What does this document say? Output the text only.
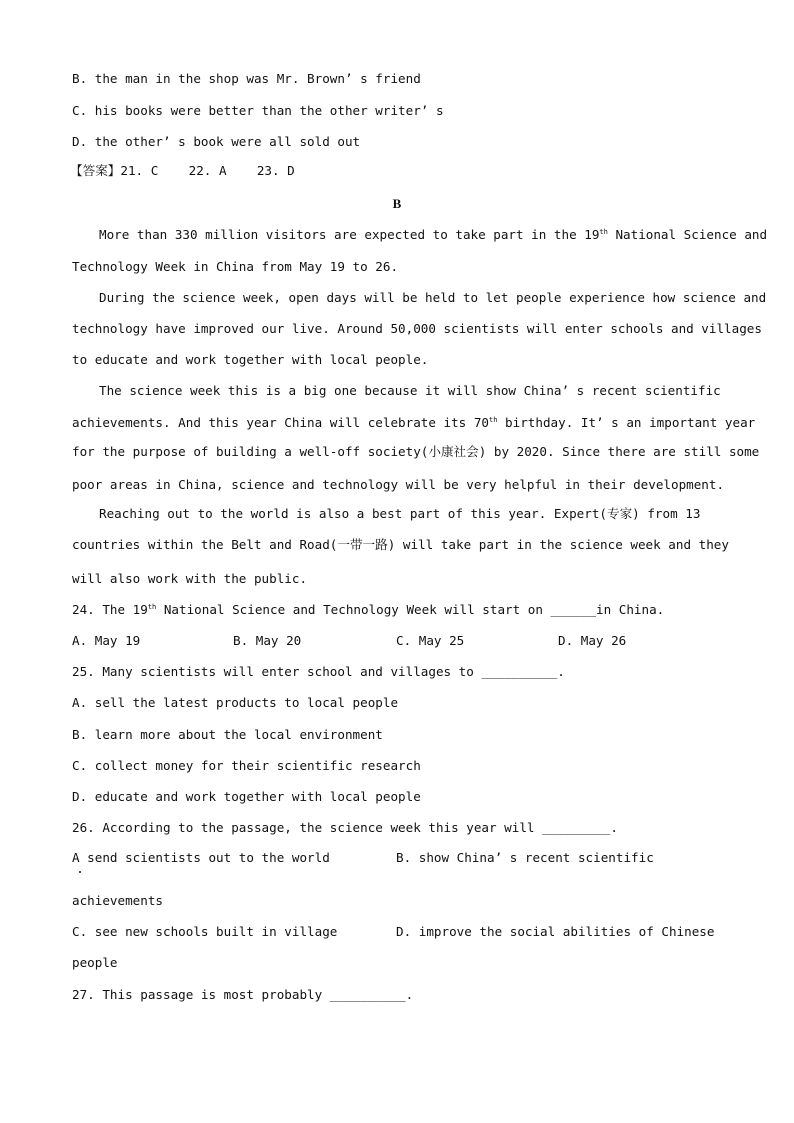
B. the man in the shop was Mr. Brown’ s friend
C. his books were better than the other writer’ s
D. the other’ s book were all sold out
【答案】21. C    22. A    23. D
B
More than 330 million visitors are expected to take part in the 19th National Science and
Technology Week in China from May 19 to 26.
During the science week, open days will be held to let people experience how science and
technology have improved our live. Around 50,000 scientists will enter schools and villages
to educate and work together with local people.
The science week this is a big one because it will show China’ s recent scientific
achievements. And this year China will celebrate its 70th birthday. It’ s an important year
for the purpose of building a well-off society(小康社会) by 2020. Since there are still some
poor areas in China, science and technology will be very helpful in their development.
Reaching out to the world is also a best part of this year. Expert(专家) from 13
countries within the Belt and Road(一带一路) will take part in the science week and they
will also work with the public.
24. The 19th National Science and Technology Week will start on ______in China.
A. May 19	B. May 20	C. May 25	D. May 26
25. Many scientists will enter school and villages to __________.
A. sell the latest products to local people
B. learn more about the local environment
C. collect money for their scientific research
D. educate and work together with local people
26. According to the passage, the science week this year will _________.
A send scientists out to the world	B. show China’ s recent scientific
achievements
C. see new schools built in village	D. improve the social abilities of Chinese
people
27. This passage is most probably __________.
